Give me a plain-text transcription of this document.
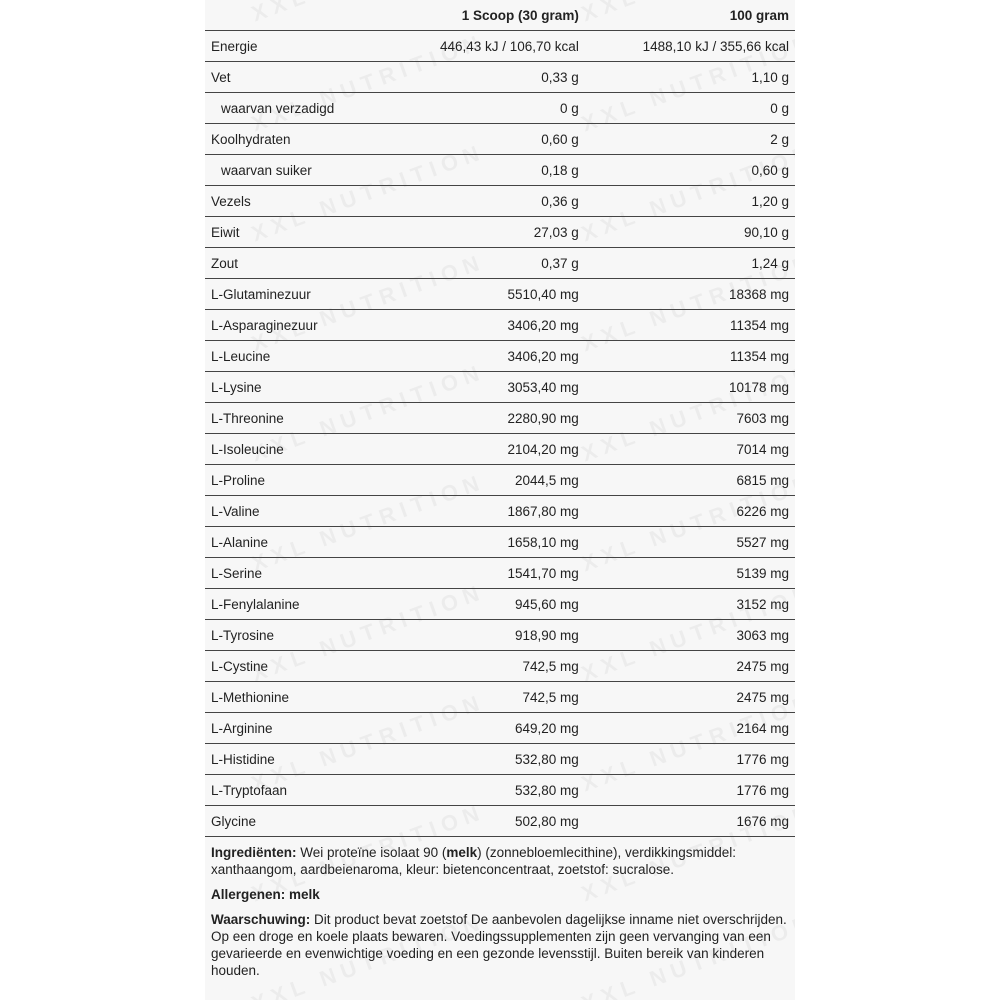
	1 Scoop (30 gram)	100 gram
Energie	446,43 kJ / 106,70 kcal	1488,10 kJ / 355,66 kcal
Vet	0,33 g	1,10 g
waarvan verzadigd	0 g	0 g
Koolhydraten	0,60 g	2 g
waarvan suiker	0,18 g	0,60 g
Vezels	0,36 g	1,20 g
Eiwit	27,03 g	90,10 g
Zout	0,37 g	1,24 g
L-Glutaminezuur	5510,40 mg	18368 mg
L-Asparaginezuur	3406,20 mg	11354 mg
L-Leucine	3406,20 mg	11354 mg
L-Lysine	3053,40 mg	10178 mg
L-Threonine	2280,90 mg	7603 mg
L-Isoleucine	2104,20 mg	7014 mg
L-Proline	2044,5 mg	6815 mg
L-Valine	1867,80 mg	6226 mg
L-Alanine	1658,10 mg	5527 mg
L-Serine	1541,70 mg	5139 mg
L-Fenylalanine	945,60 mg	3152 mg
L-Tyrosine	918,90 mg	3063 mg
L-Cystine	742,5 mg	2475 mg
L-Methionine	742,5 mg	2475 mg
L-Arginine	649,20 mg	2164 mg
L-Histidine	532,80 mg	1776 mg
L-Tryptofaan	532,80 mg	1776 mg
Glycine	502,80 mg	1676 mg

Ingrediënten: Wei proteïne isolaat 90 (melk) (zonnebloemlecithine), verdikkingsmiddel: xanthaangom, aardbeienaroma, kleur: bietenconcentraat, zoetstof: sucralose.

Allergenen: melk

Waarschuwing: Dit product bevat zoetstof De aanbevolen dagelijkse inname niet overschrijden. Op een droge en koele plaats bewaren. Voedingssupplementen zijn geen vervanging van een gevarieerde en evenwichtige voeding en een gezonde levensstijl. Buiten bereik van kinderen houden.
